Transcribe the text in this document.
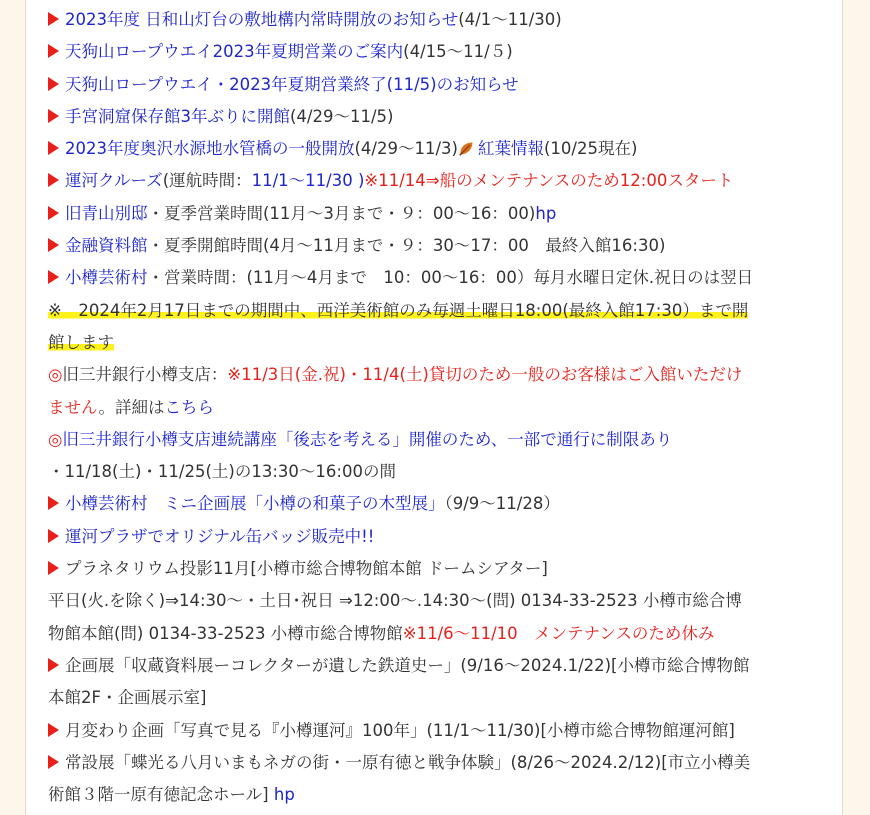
2023年度 日和山灯台の敷地構内常時開放のお知らせ(4/1～11/30)
天狗山ロープウエイ2023年夏期営業のご案内(4/15～11/５)
天狗山ロープウエイ・2023年夏期営業終了(11/5)のお知らせ
手宮洞窟保存館3年ぶりに開館(4/29～11/5)
2023年度奥沢水源地水管橋の一般開放(4/29～11/3) 紅葉情報(10/25現在)
運河クルーズ(運航時間：11/1～11/30 )※11/14⇒船のメンテナンスのため12:00スタート
旧青山別邸・夏季営業時間(11月～3月まで・９：00～16：00)hp
金融資料館・夏季開館時間(4月～11月まで・９：30～17：00　最終入館16:30)
小樽芸術村・営業時間：(11月～4月まで　10：00～16：00）毎月水曜日定休.祝日のは翌日
※　2024年2月17日までの期間中、西洋美術館のみ毎週土曜日18:00(最終入館17:30）まで開
館します
◎旧三井銀行小樽支店：※11/3日(金.祝)・11/4(土)貸切のため一般のお客様はご入館いただけ
ません。詳細はこちら
◎旧三井銀行小樽支店連続講座「後志を考える」開催のため、一部で通行に制限あり
・11/18(土)・11/25(土)の13:30～16:00の間
小樽芸術村　ミニ企画展「小樽の和菓子の木型展」（9/9～11/28）
運河プラザでオリジナル缶バッジ販売中!!
プラネタリウム投影11月[小樽市総合博物館本館 ドームシアター]
平日(火.を除く)⇒14:30～・土日･祝日 ⇒12:00～.14:30～(問) 0134-33-2523 小樽市総合博
物館本館(問) 0134-33-2523 小樽市総合博物館※11/6～11/10　メンテナンスのため休み
企画展「収蔵資料展ーコレクターが遺した鉄道史ー」(9/16～2024.1/22)[小樽市総合博物館
本館2F・企画展示室]
月変わり企画「写真で見る『小樽運河』100年」(11/1～11/30)[小樽市総合博物館運河館]
常設展「蝶光る八月いまもネガの街・一原有徳と戦争体験」(8/26～2024.2/12)[市立小樽美
術館３階一原有徳記念ホール] hp
